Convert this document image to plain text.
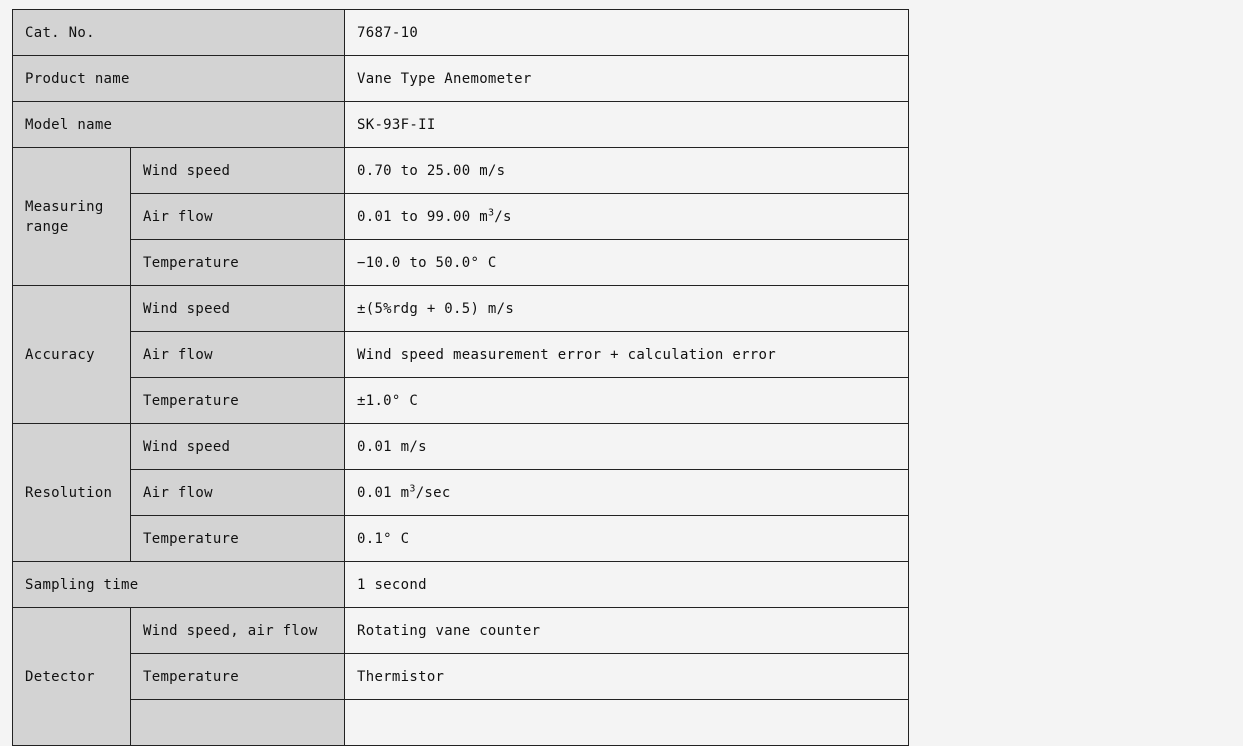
Cat. No.		7687-10
Product name		Vane Type Anemometer
Model name		SK-93F-II
Measuring range	Wind speed	0.70 to 25.00 m/s
	Air flow	0.01 to 99.00 $m^3/s$
	Temperature	−10.0 to 50.0° C
Accuracy	Wind speed	±(5%rdg + 0.5) m/s
	Air flow	Wind speed measurement error + calculation error
	Temperature	±1.0° C
Resolution	Wind speed	0.01 m/s
	Air flow	0.01 $m^3/\sec$
	Temperature	0.1° C
Sampling time		1 second
Detector	Wind speed, air flow	Rotating vane counter
	Temperature	Thermistor
